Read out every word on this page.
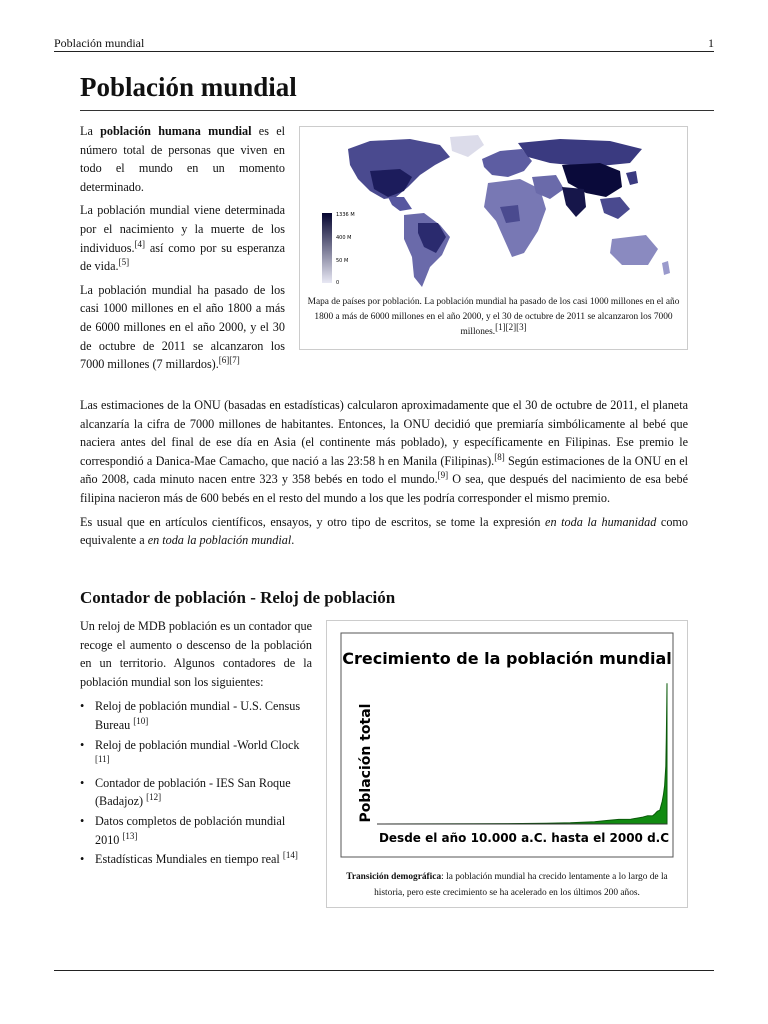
Población mundial	1
Población mundial

La población humana mundial es el número total de personas que viven en todo el mundo en un momento determinado.

La población mundial viene determinada por el nacimiento y la muerte de los individuos.[4] así como por su esperanza de vida.[5]

La población mundial ha pasado de los casi 1000 millones en el año 1800 a más de 6000 millones en el año 2000, y el 30 de octubre de 2011 se alcanzaron los 7000 millones (7 millardos).[6][7]

1336 M
400 M
50 M
0
Mapa de países por población. La población mundial ha pasado de los casi 1000 millones en el año 1800 a más de 6000 millones en el año 2000, y el 30 de octubre de 2011 se alcanzaron los 7000 millones.[1][2][3]

Las estimaciones de la ONU (basadas en estadísticas) calcularon aproximadamente que el 30 de octubre de 2011, el planeta alcanzaría la cifra de 7000 millones de habitantes. Entonces, la ONU decidió que premiaría simbólicamente al bebé que naciera antes del final de ese día en Asia (el continente más poblado), y específicamente en Filipinas. Ese premio le correspondió a Danica-Mae Camacho, que nació a las 23:58 h en Manila (Filipinas).[8] Según estimaciones de la ONU en el año 2008, cada minuto nacen entre 323 y 358 bebés en todo el mundo.[9] O sea, que después del nacimiento de esa bebé filipina nacieron más de 600 bebés en el resto del mundo a los que les podría corresponder el mismo premio.

Es usual que en artículos científicos, ensayos, y otro tipo de escritos, se tome la expresión en toda la humanidad como equivalente a en toda la población mundial.

Contador de población - Reloj de población

Un reloj de MDB población es un contador que recoge el aumento o descenso de la población en un territorio. Algunos contadores de la población mundial son los siguientes:

• Reloj de población mundial - U.S. Census Bureau [10]
• Reloj de población mundial -World Clock [11]
• Contador de población - IES San Roque (Badajoz) [12]
• Datos completos de población mundial 2010 [13]
• Estadísticas Mundiales en tiempo real [14]
Crecimiento de la población mundial
Población total
Desde el año 10.000 a.C. hasta el 2000 d.C
Transición demográfica: la población mundial ha crecido lentamente a lo largo de la historia, pero este crecimiento se ha acelerado en los últimos 200 años.
